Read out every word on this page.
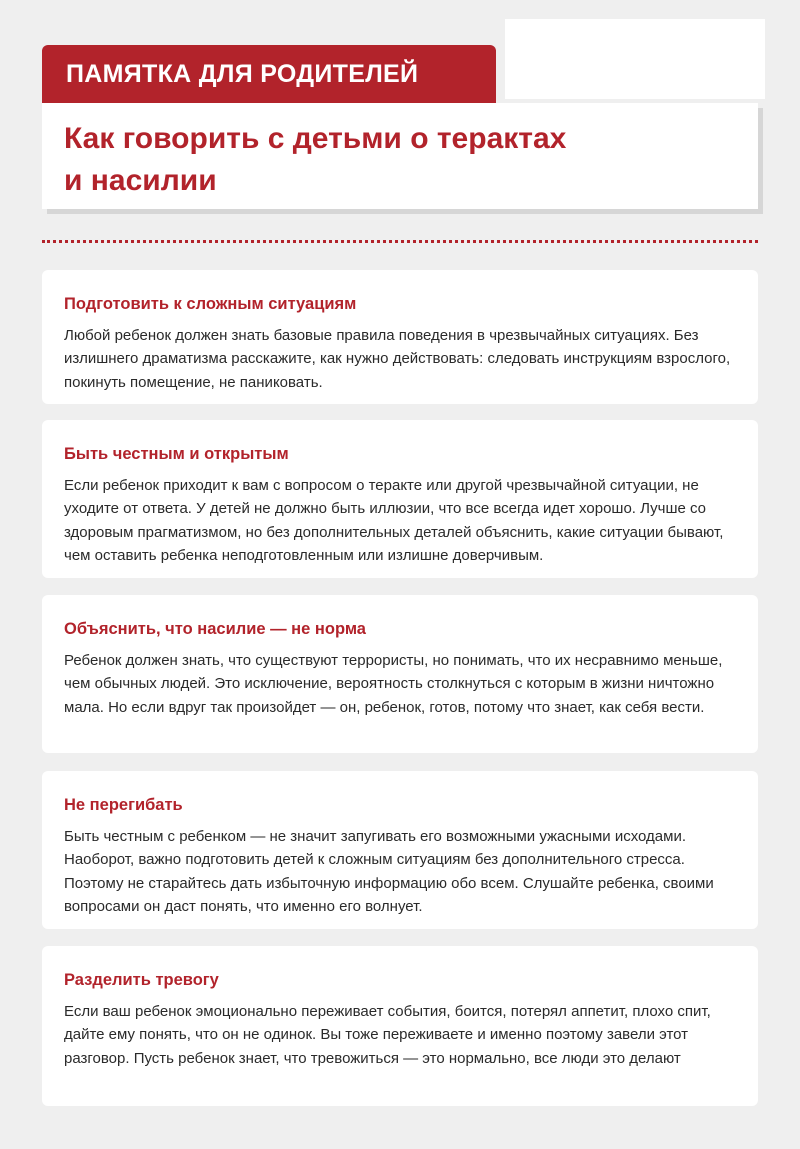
ПАМЯТКА ДЛЯ РОДИТЕЛЕЙ
Как говорить с детьми о терактах
и насилии
Подготовить к сложным ситуациям

Любой ребенок должен знать базовые правила поведения в чрезвычайных ситуациях. Без излишнего драматизма расскажите, как нужно действовать: следовать инструкциям взрослого, покинуть помещение, не паниковать.

Быть честным и открытым

Если ребенок приходит к вам с вопросом о теракте или другой чрезвычайной ситуации, не уходите от ответа. У детей не должно быть иллюзии, что все всегда идет хорошо. Лучше со здоровым прагматизмом, но без дополнительных деталей объяснить, какие ситуации бывают, чем оставить ребенка неподготовленным или излишне доверчивым.

Объяснить, что насилие — не норма

Ребенок должен знать, что существуют террористы, но понимать, что их несравнимо меньше, чем обычных людей. Это исключение, вероятность столкнуться с которым в жизни ничтожно мала. Но если вдруг так произойдет — он, ребенок, готов, потому что знает, как себя вести.

Не перегибать

Быть честным с ребенком — не значит запугивать его возможными ужасными исходами. Наоборот, важно подготовить детей к сложным ситуациям без дополнительного стресса. Поэтому не старайтесь дать избыточную информацию обо всем. Слушайте ребенка, своими вопросами он даст понять, что именно его волнует.

Разделить тревогу

Если ваш ребенок эмоционально переживает события, боится, потерял аппетит, плохо спит, дайте ему понять, что он не одинок. Вы тоже переживаете и именно поэтому завели этот разговор. Пусть ребенок знает, что тревожиться — это нормально, все люди это делают
